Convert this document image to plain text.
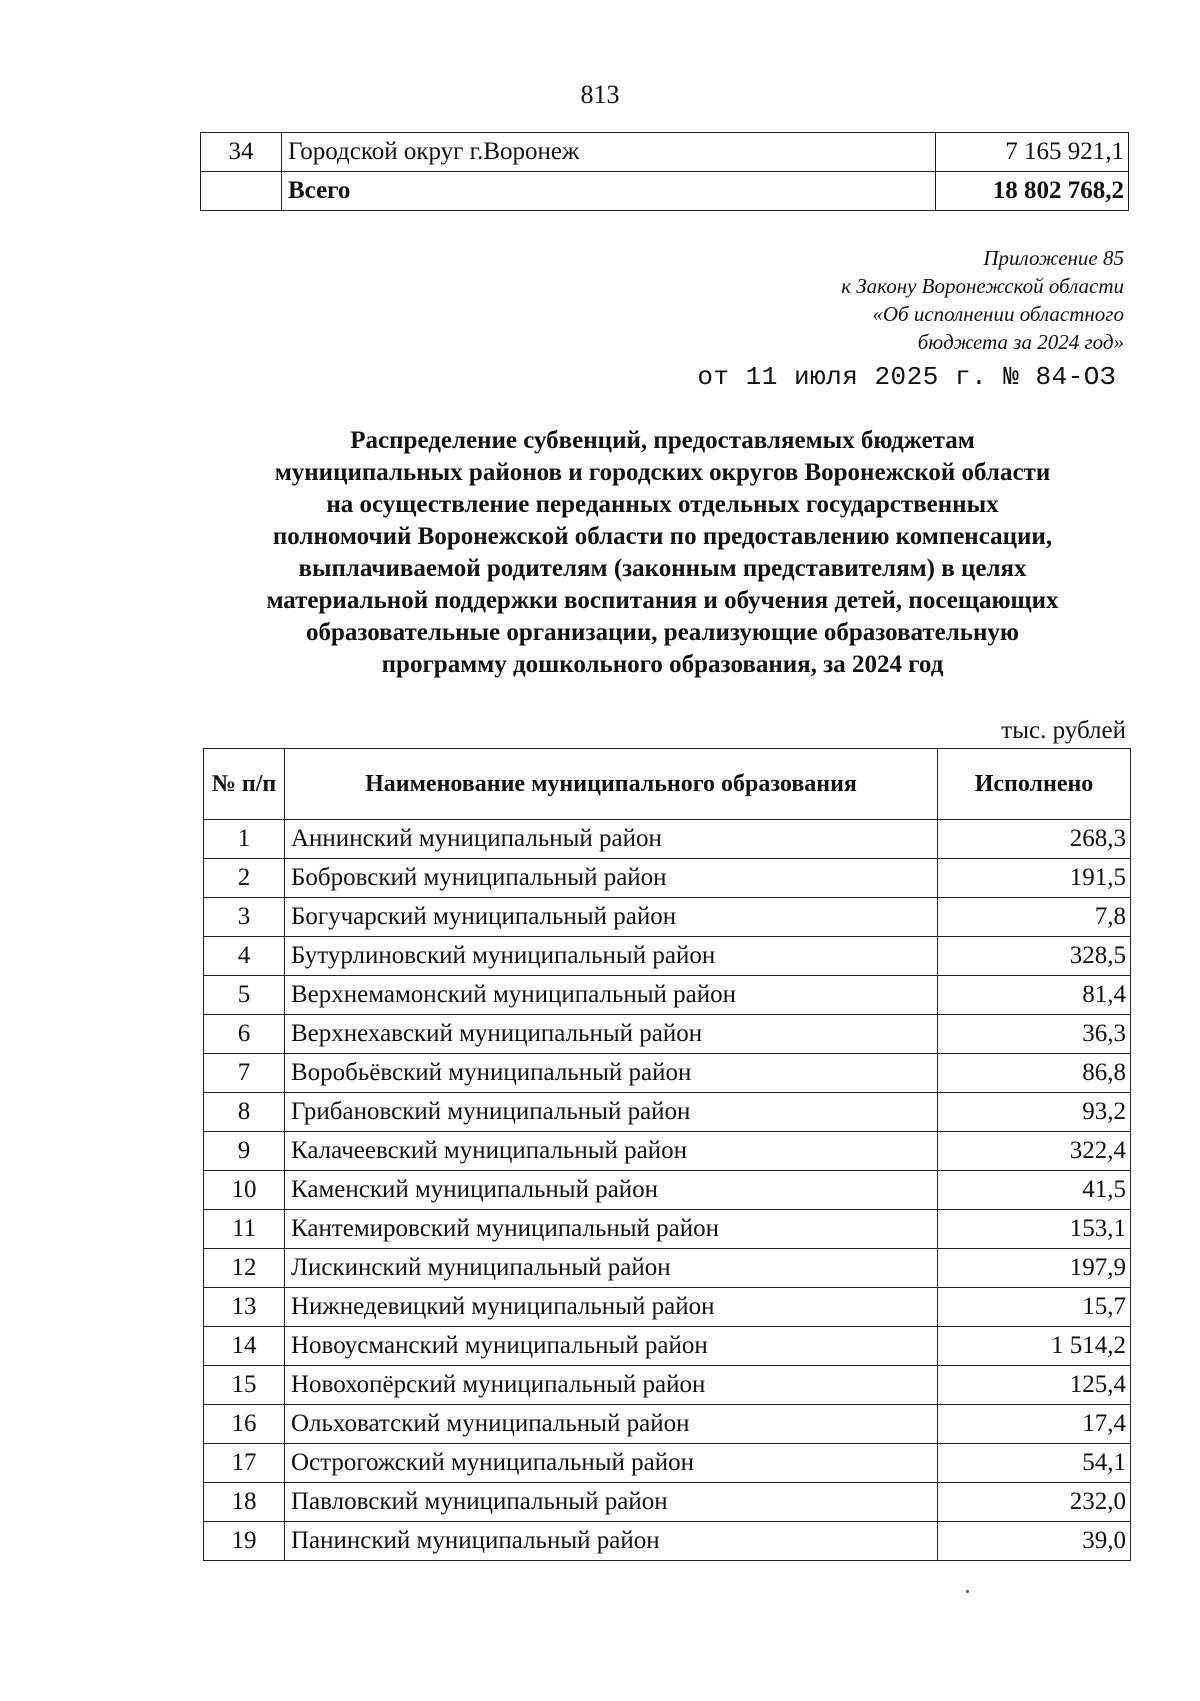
813
34	Городской округ г.Воронеж	7 165 921,1
	Всего	18 802 768,2
Приложение 85
к Закону Воронежской области
«Об исполнении областного
бюджета за 2024 год»
от 11 июля 2025 г. № 84-ОЗ
Распределение субвенций, предоставляемых бюджетам
муниципальных районов и городских округов Воронежской области
на осуществление переданных отдельных государственных
полномочий Воронежской области по предоставлению компенсации,
выплачиваемой родителям (законным представителям) в целях
материальной поддержки воспитания и обучения детей, посещающих
образовательные организации, реализующие образовательную
программу дошкольного образования, за 2024 год
тыс. рублей
№ п/п	Наименование муниципального образования	Исполнено
1	Аннинский муниципальный район	268,3
2	Бобровский муниципальный район	191,5
3	Богучарский муниципальный район	7,8
4	Бутурлиновский муниципальный район	328,5
5	Верхнемамонский муниципальный район	81,4
6	Верхнехавский муниципальный район	36,3
7	Воробьёвский муниципальный район	86,8
8	Грибановский муниципальный район	93,2
9	Калачеевский муниципальный район	322,4
10	Каменский муниципальный район	41,5
11	Кантемировский муниципальный район	153,1
12	Лискинский муниципальный район	197,9
13	Нижнедевицкий муниципальный район	15,7
14	Новоусманский муниципальный район	1 514,2
15	Новохопёрский муниципальный район	125,4
16	Ольховатский муниципальный район	17,4
17	Острогожский муниципальный район	54,1
18	Павловский муниципальный район	232,0
19	Панинский муниципальный район	39,0
